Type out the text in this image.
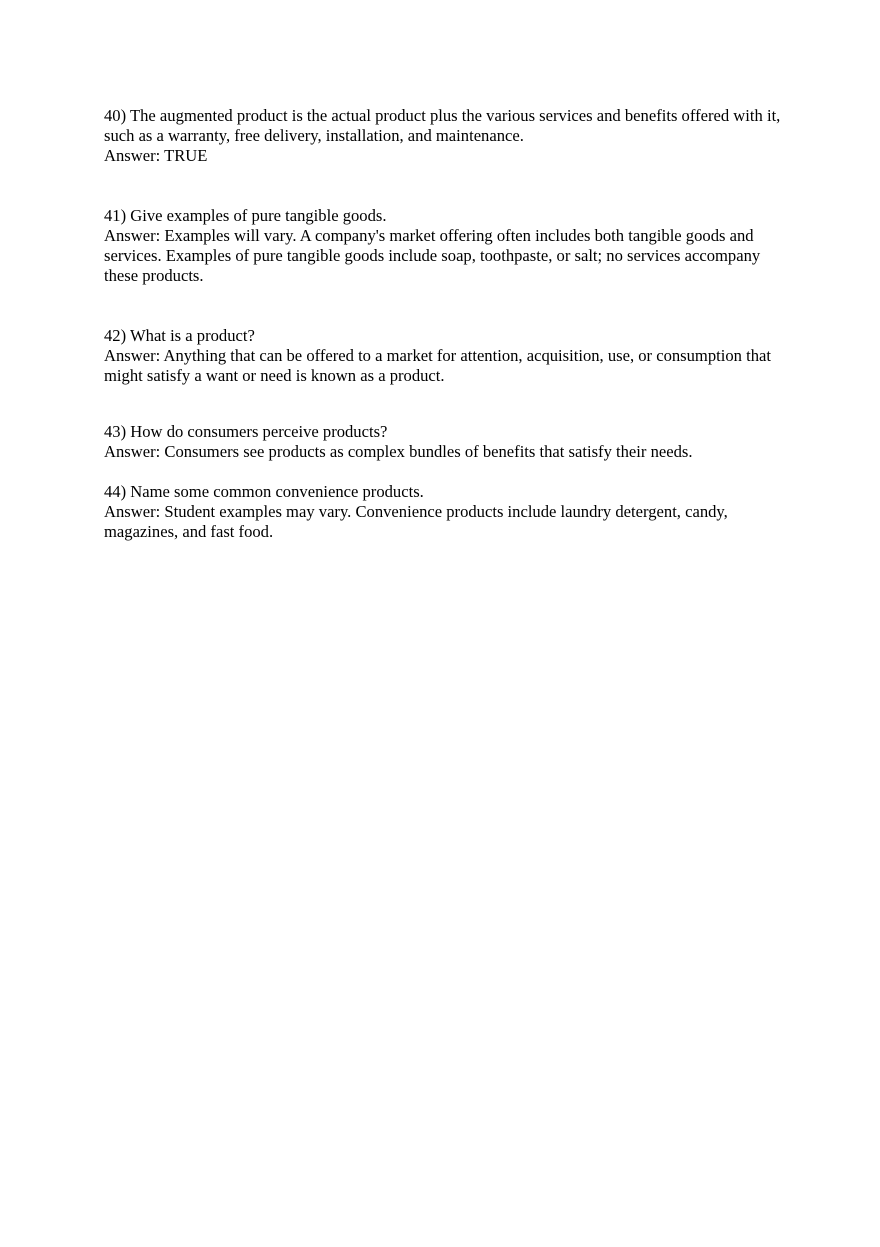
40) The augmented product is the actual product plus the various services and benefits offered with it, such as a warranty, free delivery, installation, and maintenance.

Answer: TRUE

41) Give examples of pure tangible goods.

Answer: Examples will vary. A company's market offering often includes both tangible goods and services. Examples of pure tangible goods include soap, toothpaste, or salt; no services accompany these products.

42) What is a product?

Answer: Anything that can be offered to a market for attention, acquisition, use, or consumption that might satisfy a want or need is known as a product.

43) How do consumers perceive products?

Answer: Consumers see products as complex bundles of benefits that satisfy their needs.

44) Name some common convenience products.

Answer: Student examples may vary. Convenience products include laundry detergent, candy, magazines, and fast food.
